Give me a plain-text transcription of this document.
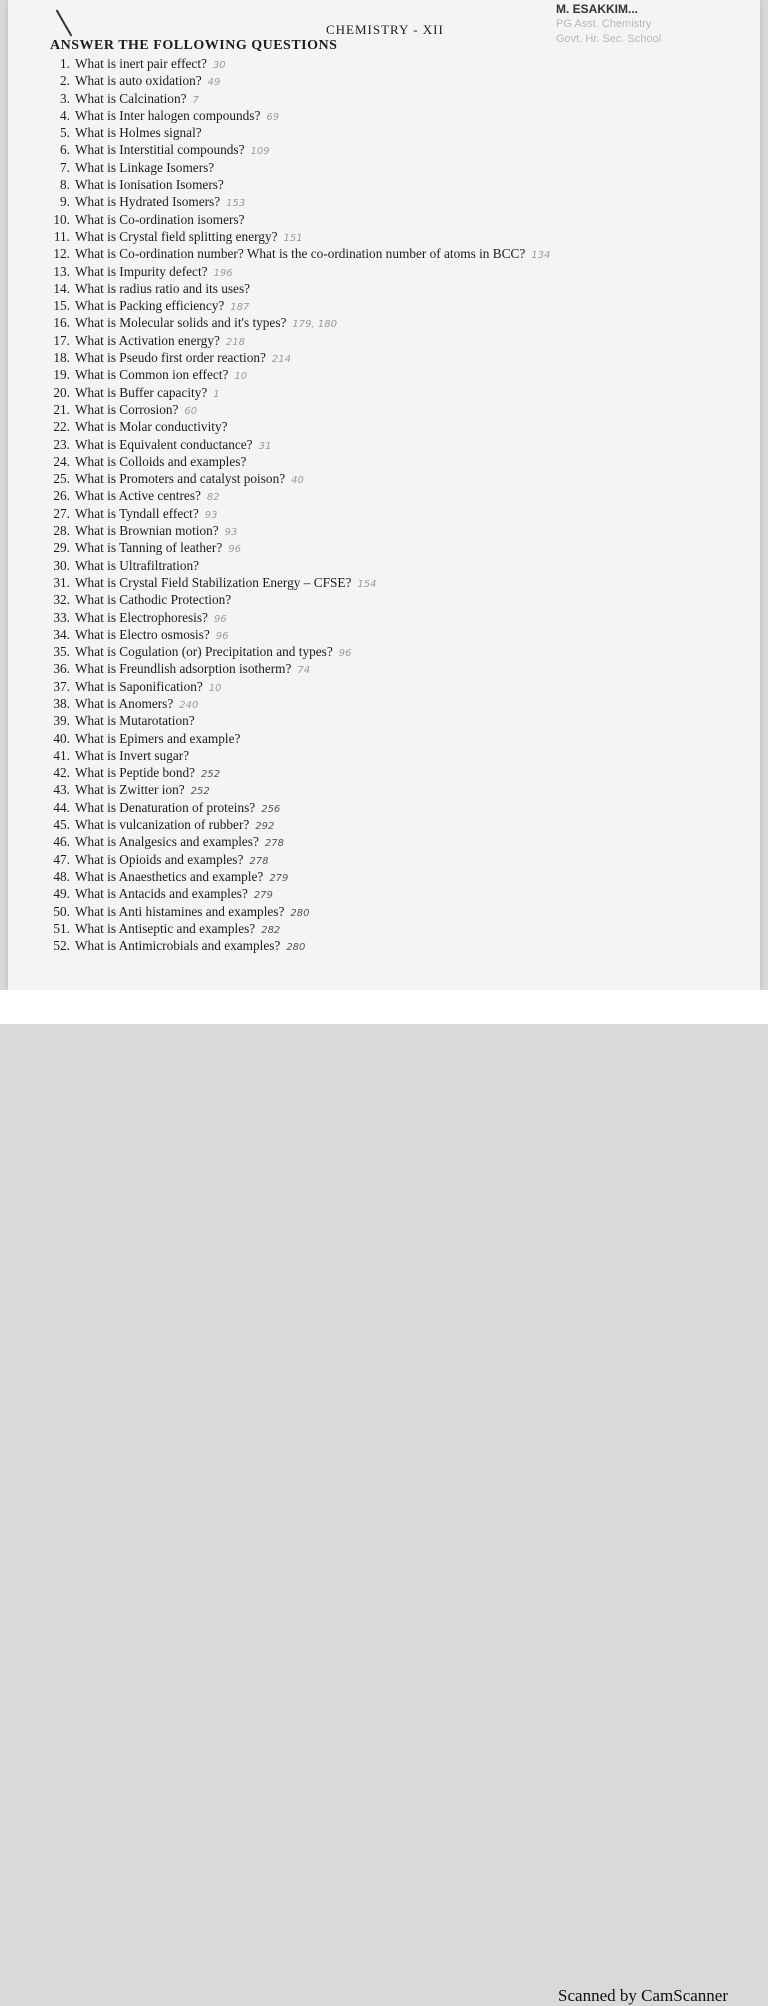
CHEMISTRY - XII
ANSWER THE FOLLOWING QUESTIONS
M. ESAKKIM...
PG Asst. Chemistry
Govt. Hr. Sec. School
1. What is inert pair effect? 30
2. What is auto oxidation? 49
3. What is Calcination? 7
4. What is Inter halogen compounds? 69
5. What is Holmes signal?
6. What is Interstitial compounds? 109
7. What is Linkage Isomers?
8. What is Ionisation Isomers?
9. What is Hydrated Isomers? 153
10. What is Co-ordination isomers?
11. What is Crystal field splitting energy? 151
12. What is Co-ordination number? What is the co-ordination number of atoms in BCC? 134
13. What is Impurity defect? 196
14. What is radius ratio and its uses?
15. What is Packing efficiency? 187
16. What is Molecular solids and it's types? 179, 180
17. What is Activation energy? 218
18. What is Pseudo first order reaction? 214
19. What is Common ion effect? 10
20. What is Buffer capacity? 1
21. What is Corrosion? 60
22. What is Molar conductivity?
23. What is Equivalent conductance? 31
24. What is Colloids and examples?
25. What is Promoters and catalyst poison? 40
26. What is Active centres? 82
27. What is Tyndall effect? 93
28. What is Brownian motion? 93
29. What is Tanning of leather? 96
30. What is Ultrafiltration?
31. What is Crystal Field Stabilization Energy – CFSE? 154
32. What is Cathodic Protection?
33. What is Electrophoresis? 96
34. What is Electro osmosis? 96
35. What is Cogulation (or) Precipitation and types? 96
36. What is Freundlish adsorption isotherm? 74
37. What is Saponification? 10
38. What is Anomers? 240
39. What is Mutarotation?
40. What is Epimers and example?
41. What is Invert sugar?
42. What is Peptide bond? 252
43. What is Zwitter ion? 252
44. What is Denaturation of proteins? 256
45. What is vulcanization of rubber? 292
46. What is Analgesics and examples? 278
47. What is Opioids and examples? 278
48. What is Anaesthetics and example? 279
49. What is Antacids and examples? 279
50. What is Anti histamines and examples? 280
51. What is Antiseptic and examples? 282
52. What is Antimicrobials and examples? 280
Scanned by CamScanner
